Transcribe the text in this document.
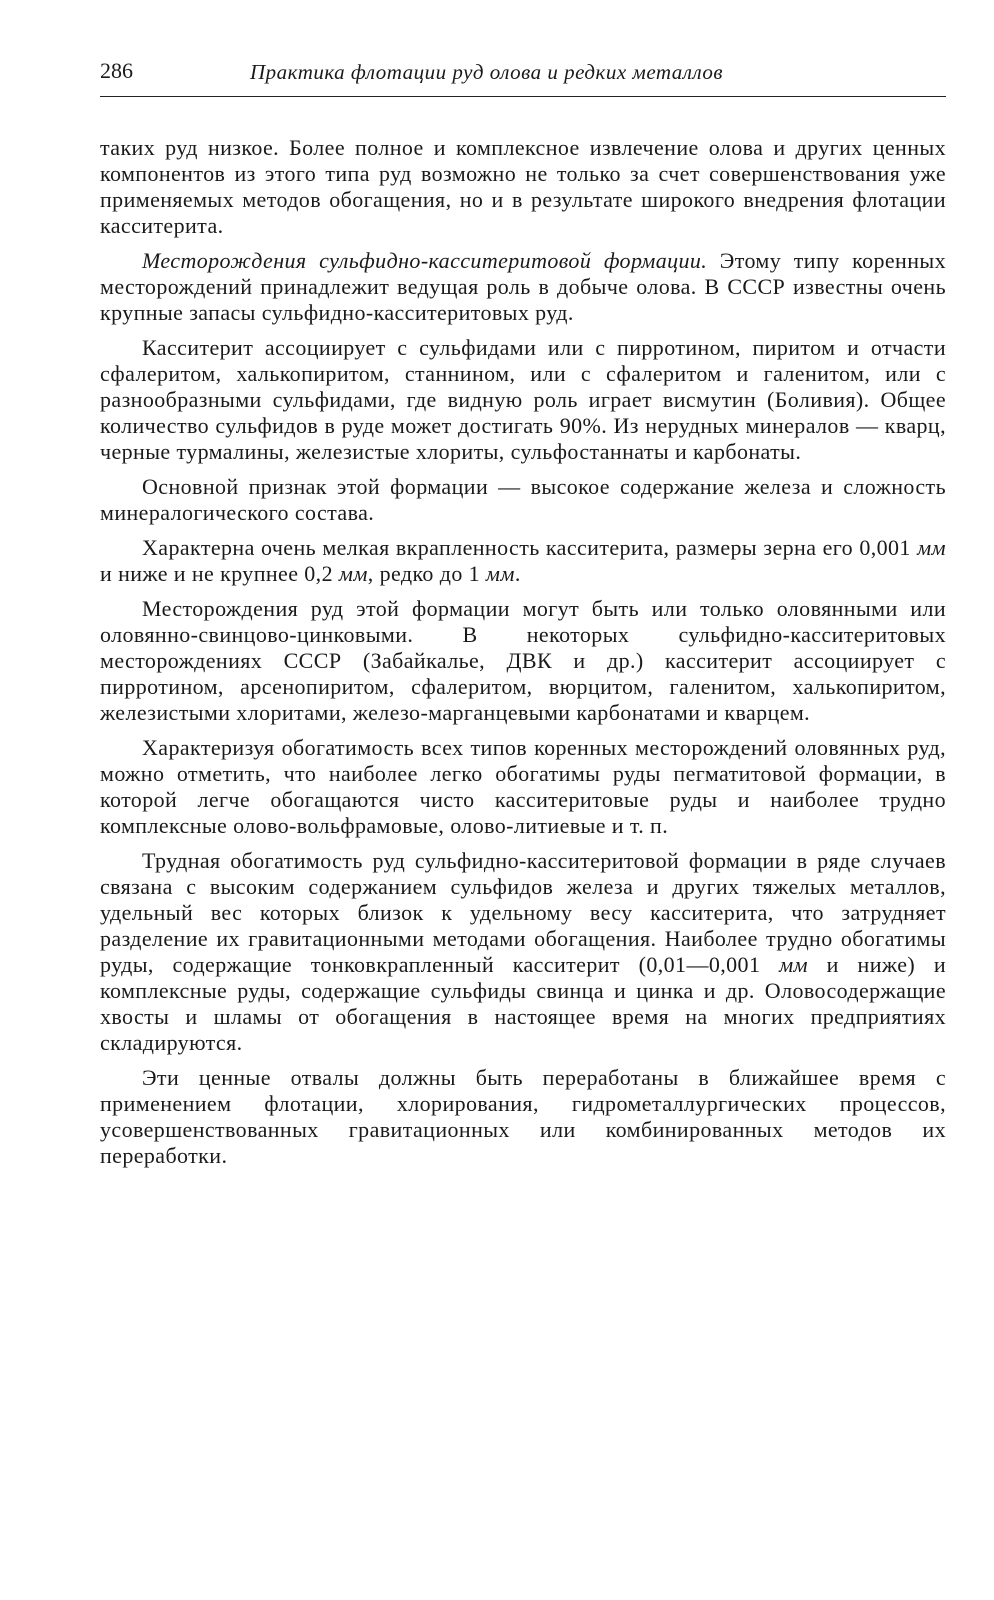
286	Практика флотации руд олова и редких металлов

таких руд низкое. Более полное и комплексное извлечение олова и других ценных компонентов из этого типа руд возможно не только за счет совершенствования уже применяемых методов обогащения, но и в результате широкого внедрения флотации касситерита.

Месторождения сульфидно-касситеритовой формации. Этому типу коренных месторождений принадлежит ведущая роль в добыче олова. В СССР известны очень крупные запасы сульфидно-касситеритовых руд.

Касситерит ассоциирует с сульфидами или с пирротином, пиритом и отчасти сфалеритом, халькопиритом, станнином, или с сфалеритом и галенитом, или с разнообразными сульфидами, где видную роль играет висмутин (Боливия). Общее количество сульфидов в руде может достигать 90%. Из нерудных минералов — кварц, черные турмалины, железистые хлориты, сульфостаннаты и карбонаты.

Основной признак этой формации — высокое содержание железа и сложность минералогического состава.

Характерна очень мелкая вкрапленность касситерита, размеры зерна его 0,001 мм и ниже и не крупнее 0,2 мм, редко до 1 мм.

Месторождения руд этой формации могут быть или только оловянными или оловянно-свинцово-цинковыми. В некоторых сульфидно-касситеритовых месторождениях СССР (Забайкалье, ДВК и др.) касситерит ассоциирует с пирротином, арсенопиритом, сфалеритом, вюрцитом, галенитом, халькопиритом, железистыми хлоритами, железо-марганцевыми карбонатами и кварцем.

Характеризуя обогатимость всех типов коренных месторождений оловянных руд, можно отметить, что наиболее легко обогатимы руды пегматитовой формации, в которой легче обогащаются чисто касситеритовые руды и наиболее трудно комплексные олово-вольфрамовые, олово-литиевые и т. п.

Трудная обогатимость руд сульфидно-касситеритовой формации в ряде случаев связана с высоким содержанием сульфидов железа и других тяжелых металлов, удельный вес которых близок к удельному весу касситерита, что затрудняет разделение их гравитационными методами обогащения. Наиболее трудно обогатимы руды, содержащие тонковкрапленный касситерит (0,01—0,001 мм и ниже) и комплексные руды, содержащие сульфиды свинца и цинка и др. Оловосодержащие хвосты и шламы от обогащения в настоящее время на многих предприятиях складируются.

Эти ценные отвалы должны быть переработаны в ближайшее время с применением флотации, хлорирования, гидрометаллургических процессов, усовершенствованных гравитационных или комбинированных методов их переработки.
